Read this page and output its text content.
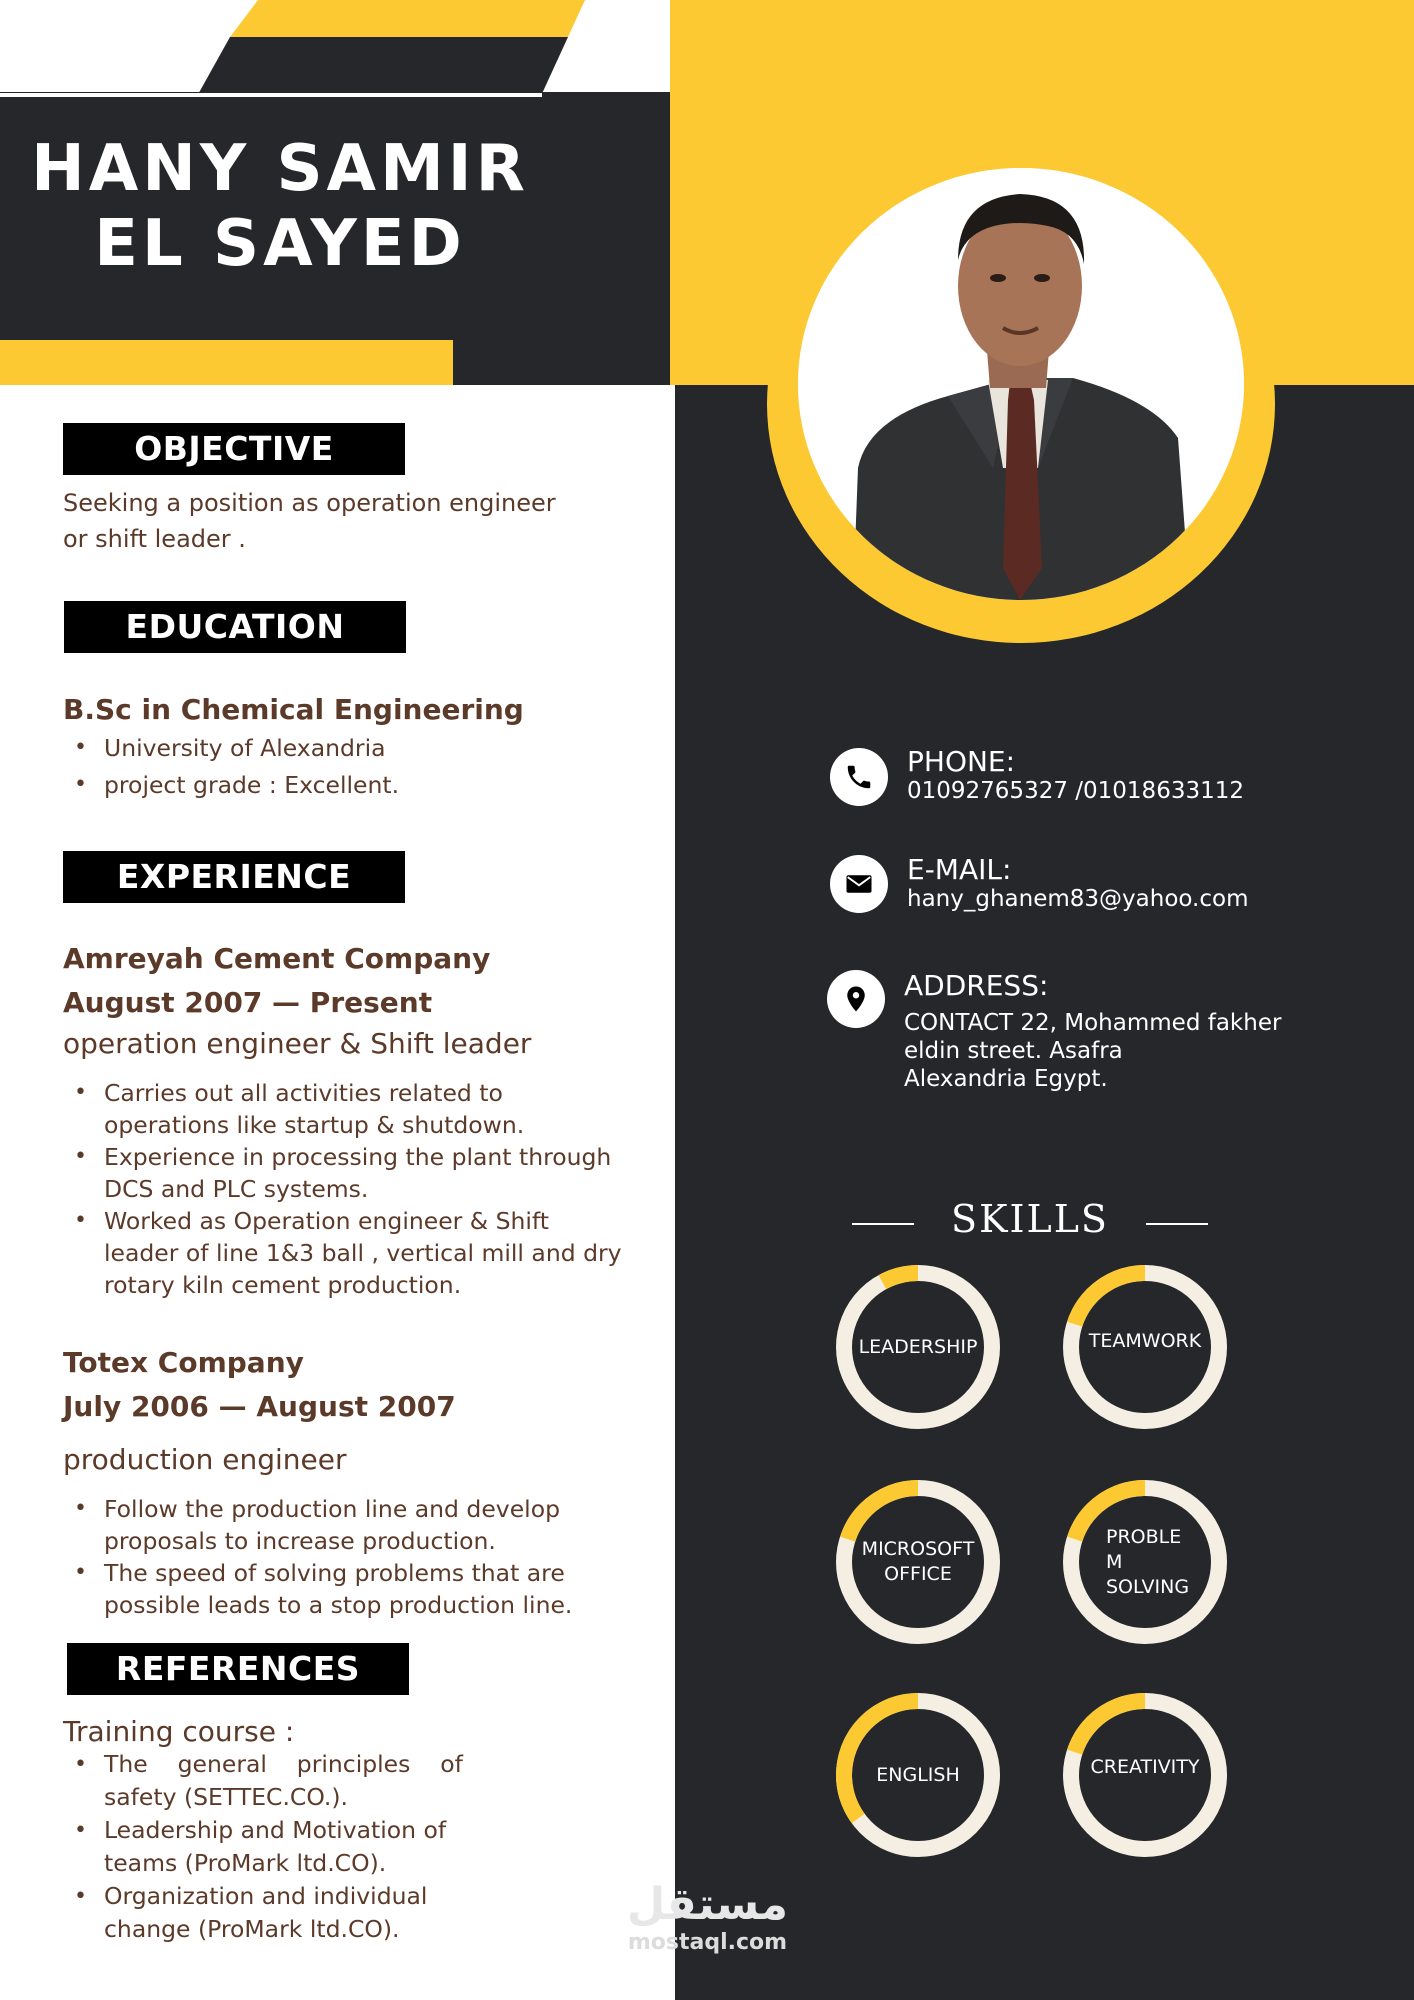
HANY SAMIR
EL SAYED
OBJECTIVE
Seeking a position as operation engineer
or shift leader .
EDUCATION
B.Sc in Chemical Engineering
• University of Alexandria
• project grade : Excellent.
EXPERIENCE
Amreyah Cement Company
August 2007 — Present
operation engineer & Shift leader
• Carries out all activities related to
operations like startup & shutdown.
• Experience in processing the plant through
DCS and PLC systems.
• Worked as Operation engineer & Shift
leader of line 1&3 ball , vertical mill and dry
rotary kiln cement production.
Totex Company
July 2006 — August 2007
production engineer
• Follow the production line and develop
proposals to increase production.
• The speed of solving problems that are
possible leads to a stop production line.
REFERENCES
Training course :
• The    general    principles    of
safety (SETTEC.CO.).
• Leadership and Motivation of
teams (ProMark ltd.CO).
• Organization and individual
change (ProMark ltd.CO).
PHONE:
01092765327 /01018633112
E-MAIL:
hany_ghanem83@yahoo.com
ADDRESS:
CONTACT 22, Mohammed fakher
eldin street. Asafra
Alexandria Egypt.
SKILLS
LEADERSHIP	TEAMWORK
MICROSOFT
OFFICE
PROBLE
M
SOLVING
ENGLISH	CREATIVITY
مستقل
mostaql.com
